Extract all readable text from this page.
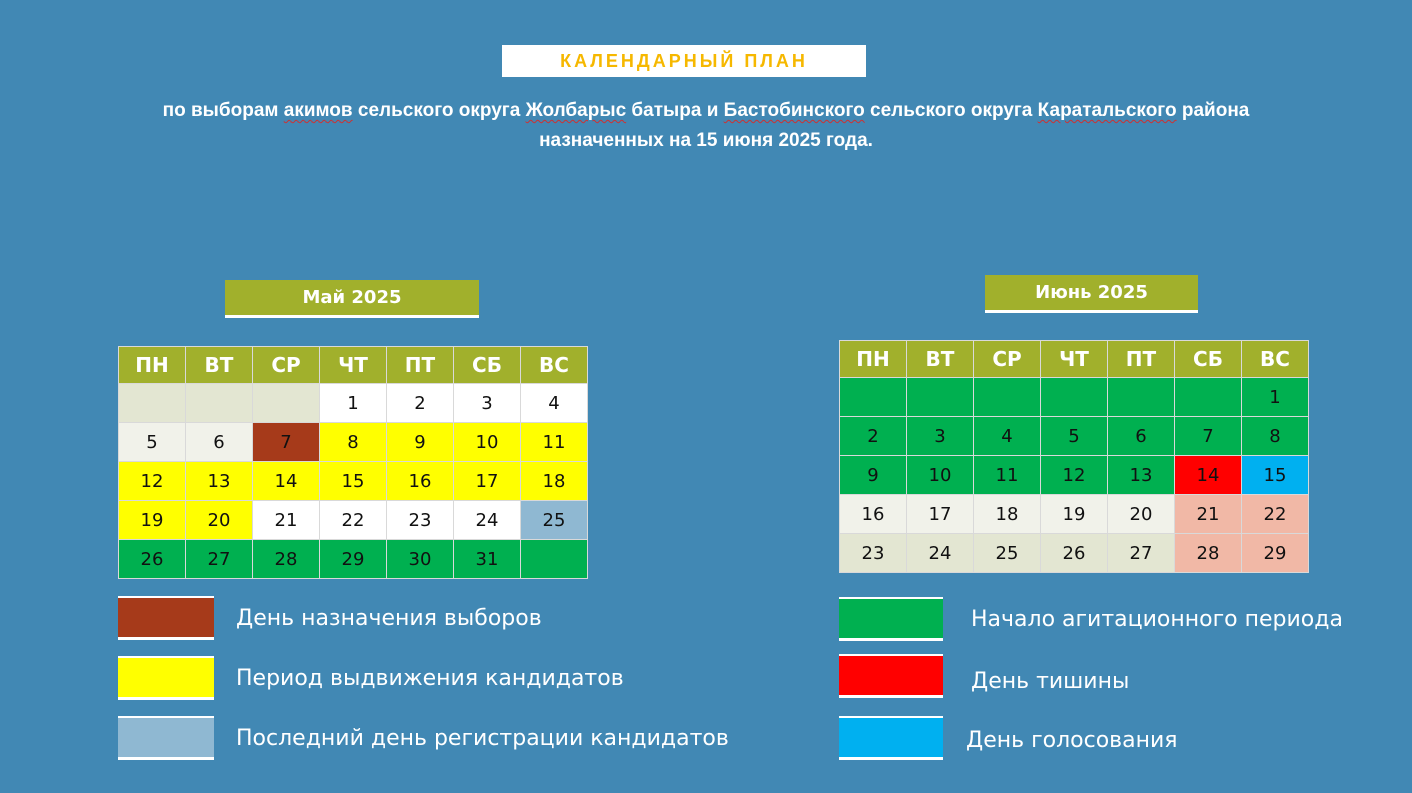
КАЛЕНДАРНЫЙ ПЛАН
по выборам акимов сельского округа Жолбарыс батыра и Бастобинского сельского округа Каратальского района
назначенных на 15 июня 2025 года.
Май 2025
ПН	ВТ	СР	ЧТ	ПТ	СБ	ВС
			1	2	3	4
5	6	7	8	9	10	11
12	13	14	15	16	17	18
19	20	21	22	23	24	25
26	27	28	29	30	31	
Июнь 2025
ПН	ВТ	СР	ЧТ	ПТ	СБ	ВС
						1
2	3	4	5	6	7	8
9	10	11	12	13	14	15
16	17	18	19	20	21	22
23	24	25	26	27	28	29
День назначения выборов
Период выдвижения кандидатов
Последний день регистрации кандидатов
Начало агитационного периода
День тишины
День голосования
